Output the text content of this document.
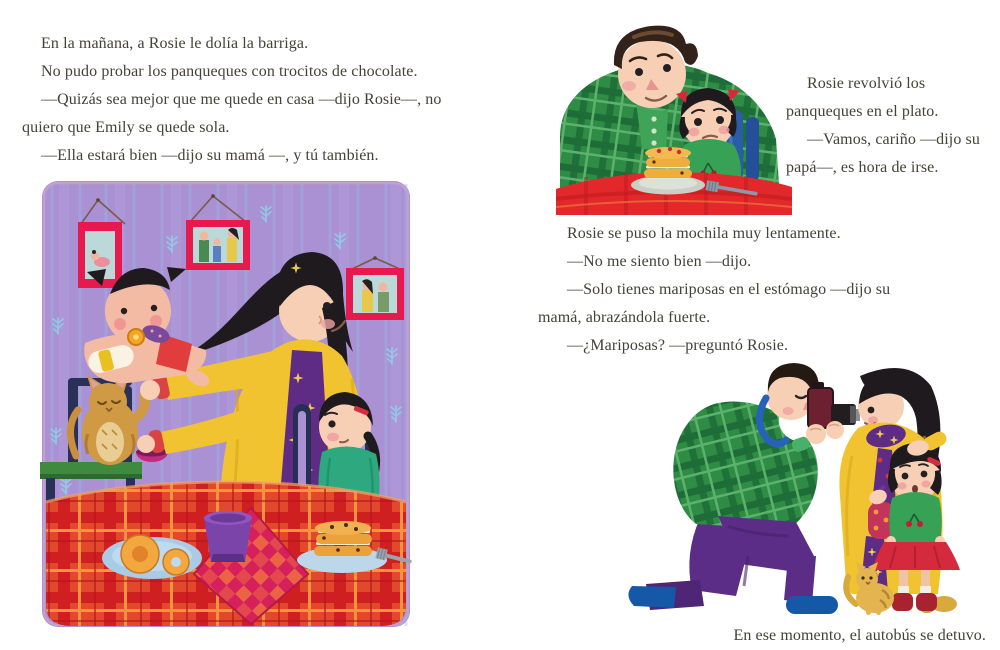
En la mañana, a Rosie le dolía la barriga.

No pudo probar los panqueques con trocitos de chocolate.

—Quizás sea mejor que me quede en casa —dijo Rosie—, no

quiero que Emily se quede sola.

—Ella estará bien —dijo su mamá —, y tú también.

Rosie revolvió los

panqueques en el plato.

—Vamos, cariño —dijo su

papá—, es hora de irse.

Rosie se puso la mochila muy lentamente.

—No me siento bien —dijo.

—Solo tienes mariposas en el estómago —dijo su

mamá, abrazándola fuerte.

—¿Mariposas? —preguntó Rosie.

En ese momento, el autobús se detuvo.
